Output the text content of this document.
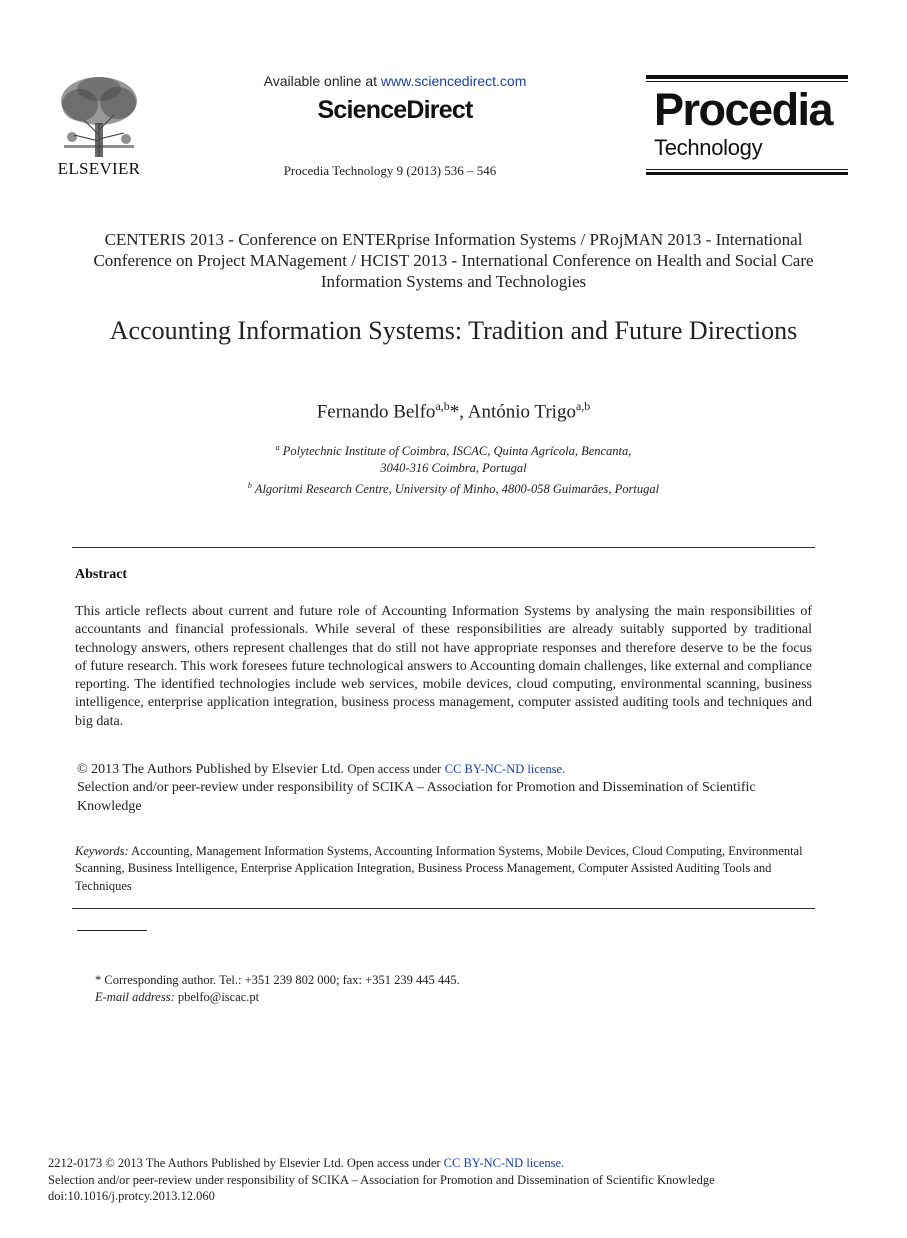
ELSEVIER
Available online at www.sciencedirect.com
ScienceDirect
Procedia Technology 9 (2013) 536 – 546
Procedia
Technology
CENTERIS 2013 - Conference on ENTERprise Information Systems / PRojMAN 2013 - International Conference on Project MANagement / HCIST 2013 - International Conference on Health and Social Care Information Systems and Technologies
Accounting Information Systems: Tradition and Future Directions
Fernando Belfo$^{a,b}$*, António Trigo$^{a,b}$
$^a$ Polytechnic Institute of Coimbra, ISCAC, Quinta Agrícola, Bencanta,
3040-316 Coimbra, Portugal
$^b$ Algoritmi Research Centre, University of Minho, 4800-058 Guimarães, Portugal
Abstract
This article reflects about current and future role of Accounting Information Systems by analysing the main responsibilities of accountants and financial professionals. While several of these responsibilities are already suitably supported by traditional technology answers, others represent challenges that do still not have appropriate responses and therefore deserve to be the focus of future research. This work foresees future technological answers to Accounting domain challenges, like external and compliance reporting. The identified technologies include web services, mobile devices, cloud computing, environmental scanning, business intelligence, enterprise application integration, business process management, computer assisted auditing tools and techniques and big data.
© 2013 The Authors Published by Elsevier Ltd. Open access under CC BY-NC-ND license.
Selection and/or peer-review under responsibility of SCIKA – Association for Promotion and Dissemination of Scientific Knowledge
Keywords: Accounting, Management Information Systems, Accounting Information Systems, Mobile Devices, Cloud Computing, Environmental Scanning, Business Intelligence, Enterprise Application Integration, Business Process Management, Computer Assisted Auditing Tools and Techniques
* Corresponding author. Tel.: +351 239 802 000; fax: +351 239 445 445.
E-mail address: pbelfo@iscac.pt
2212-0173 © 2013 The Authors Published by Elsevier Ltd. Open access under CC BY-NC-ND license.
Selection and/or peer-review under responsibility of SCIKA – Association for Promotion and Dissemination of Scientific Knowledge
doi:10.1016/j.protcy.2013.12.060
